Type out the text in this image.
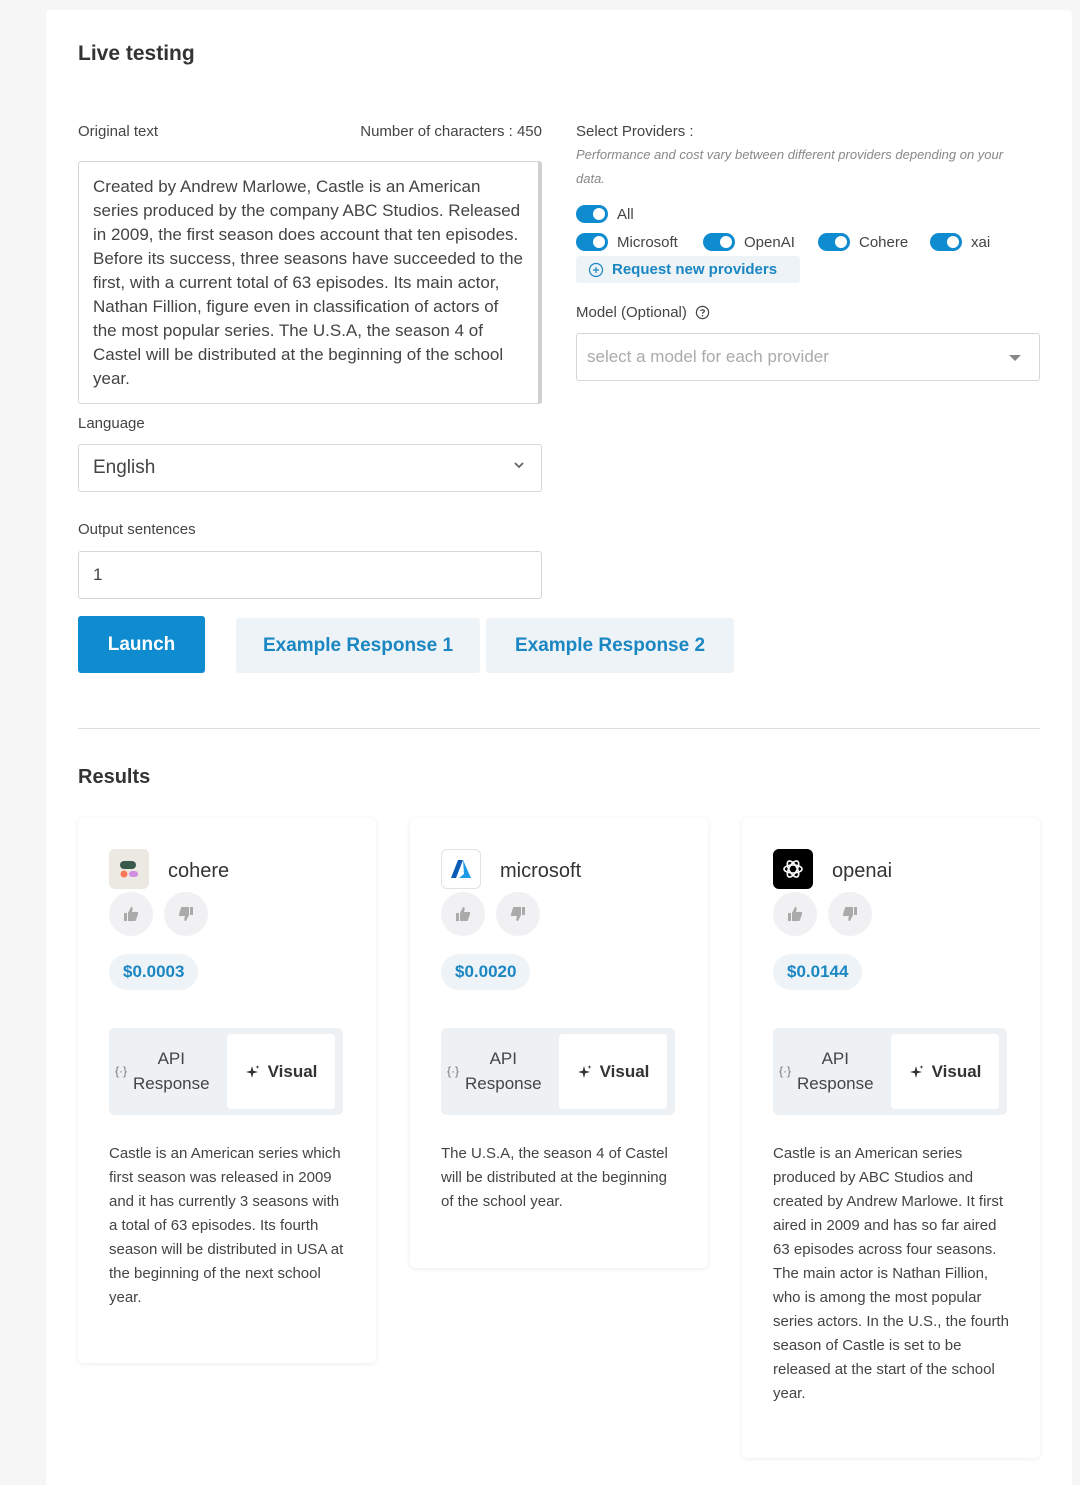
Live testing
Original text	Number of characters : 450
Created by Andrew Marlowe, Castle is an American series produced by the company ABC Studios. Released in 2009, the first season does account that ten episodes. Before its success, three seasons have succeeded to the first, with a current total of 63 episodes. Its main actor, Nathan Fillion, figure even in classification of actors of the most popular series. The U.S.A, the season 4 of Castel will be distributed at the beginning of the school year.
Language
English
Output sentences
1
Launch	Example Response 1	Example Response 2
Select Providers :
Performance and cost vary between different providers depending on your data.
All
Microsoft	OpenAI	Cohere	xai
Request new providers
Model (Optional)
select a model for each provider
Results
cohere
$0.0003
{·}
API
Response
Visual
Castle is an American series which first season was released in 2009 and it has currently 3 seasons with a total of 63 episodes. Its fourth season will be distributed in USA at the beginning of the next school year.
microsoft
$0.0020
{·}
API
Response
Visual
The U.S.A, the season 4 of Castel will be distributed at the beginning of the school year.
openai
$0.0144
{·}
API
Response
Visual
Castle is an American series produced by ABC Studios and created by Andrew Marlowe. It first aired in 2009 and has so far aired 63 episodes across four seasons. The main actor is Nathan Fillion, who is among the most popular series actors. In the U.S., the fourth season of Castle is set to be released at the start of the school year.
